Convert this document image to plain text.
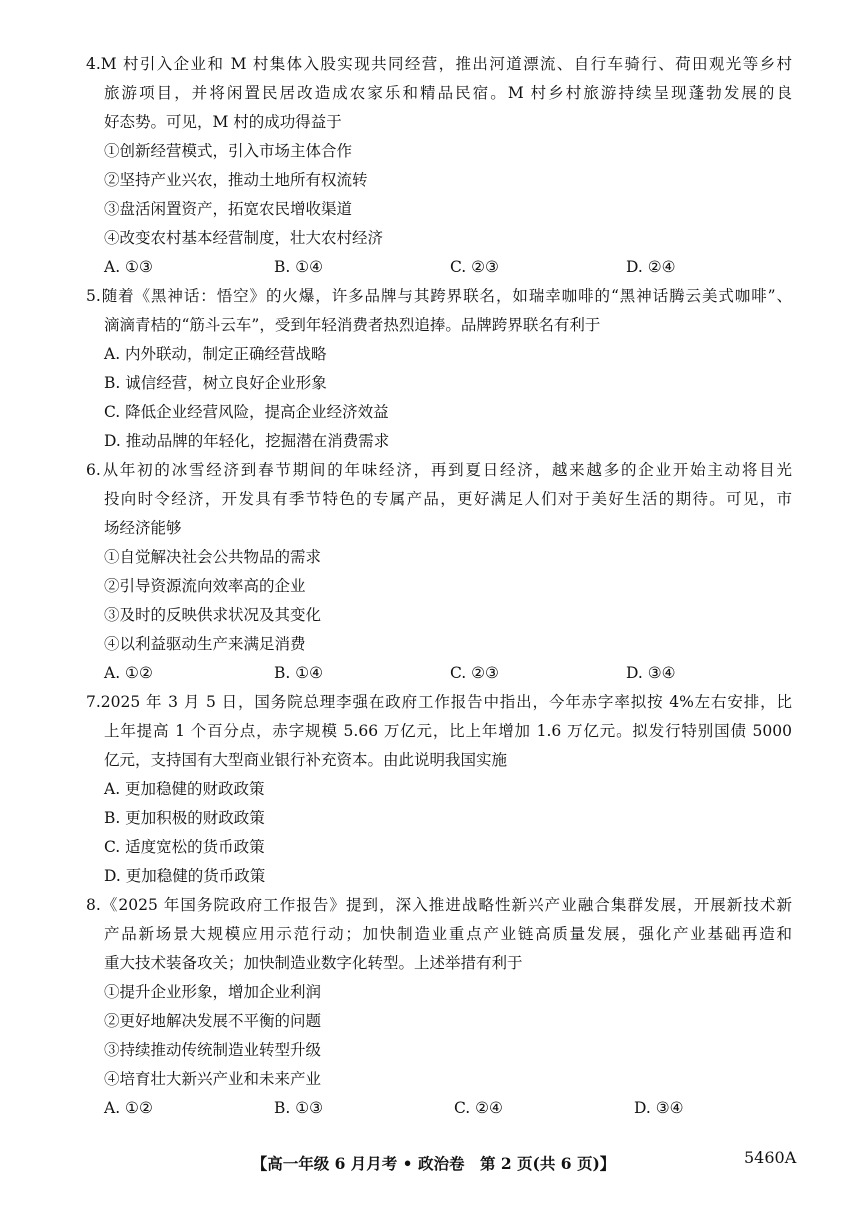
4.M 村引入企业和 M 村集体入股实现共同经营，推出河道漂流、自行车骑行、荷田观光等乡村
旅游项目，并将闲置民居改造成农家乐和精品民宿。M 村乡村旅游持续呈现蓬勃发展的良
好态势。可见，M 村的成功得益于
①创新经营模式，引入市场主体合作
②坚持产业兴农，推动土地所有权流转
③盘活闲置资产，拓宽农民增收渠道
④改变农村基本经营制度，壮大农村经济
A. ①③	B. ①④	C. ②③	D. ②④
5.随着《黑神话：悟空》的火爆，许多品牌与其跨界联名，如瑞幸咖啡的“黑神话腾云美式咖啡”、
滴滴青桔的“筋斗云车”，受到年轻消费者热烈追捧。品牌跨界联名有利于
A. 内外联动，制定正确经营战略
B. 诚信经营，树立良好企业形象
C. 降低企业经营风险，提高企业经济效益
D. 推动品牌的年轻化，挖掘潜在消费需求
6.从年初的冰雪经济到春节期间的年味经济，再到夏日经济，越来越多的企业开始主动将目光
投向时令经济，开发具有季节特色的专属产品，更好满足人们对于美好生活的期待。可见，市
场经济能够
①自觉解决社会公共物品的需求
②引导资源流向效率高的企业
③及时的反映供求状况及其变化
④以利益驱动生产来满足消费
A. ①②	B. ①④	C. ②③	D. ③④
7.2025 年 3 月 5 日，国务院总理李强在政府工作报告中指出，今年赤字率拟按 4%左右安排，比
上年提高 1 个百分点，赤字规模 5.66 万亿元，比上年增加 1.6 万亿元。拟发行特别国债 5000
亿元，支持国有大型商业银行补充资本。由此说明我国实施
A. 更加稳健的财政政策
B. 更加积极的财政政策
C. 适度宽松的货币政策
D. 更加稳健的货币政策
8.《2025 年国务院政府工作报告》提到，深入推进战略性新兴产业融合集群发展，开展新技术新
产品新场景大规模应用示范行动；加快制造业重点产业链高质量发展，强化产业基础再造和
重大技术装备攻关；加快制造业数字化转型。上述举措有利于
①提升企业形象，增加企业利润
②更好地解决发展不平衡的问题
③持续推动传统制造业转型升级
④培育壮大新兴产业和未来产业
A. ①②	B. ①③	C. ②④	D. ③④
【高一年级 6 月月考 • 政治卷　第 2 页(共 6 页)】	5460A
